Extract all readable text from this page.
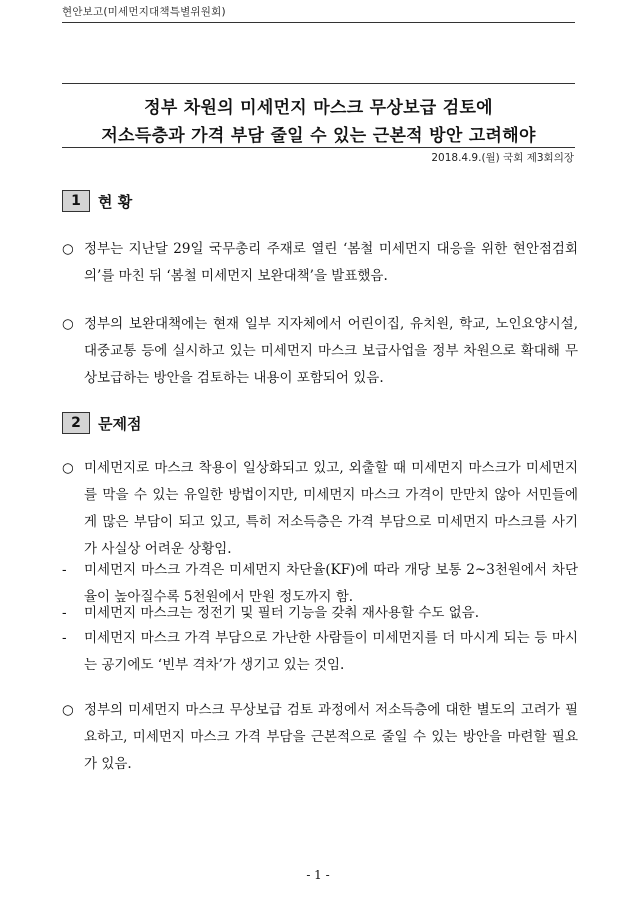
현안보고(미세먼지대책특별위원회)
정부 차원의 미세먼지 마스크 무상보급 검토에
저소득층과 가격 부담 줄일 수 있는 근본적 방안 고려해야
2018.4.9.(월) 국회 제3회의장
1	현 황
○ 정부는 지난달 29일 국무총리 주재로 열린 ‘봄철 미세먼지 대응을 위한 현안점검회의’를 마친 뒤 ‘봄철 미세먼지 보완대책’을 발표했음.
○ 정부의 보완대책에는 현재 일부 지자체에서 어린이집, 유치원, 학교, 노인요양시설, 대중교통 등에 실시하고 있는 미세먼지 마스크 보급사업을 정부 차원으로 확대해 무상보급하는 방안을 검토하는 내용이 포함되어 있음.
2	문제점
○ 미세먼지로 마스크 착용이 일상화되고 있고, 외출할 때 미세먼지 마스크가 미세먼지를 막을 수 있는 유일한 방법이지만, 미세먼지 마스크 가격이 만만치 않아 서민들에게 많은 부담이 되고 있고, 특히 저소득층은 가격 부담으로 미세먼지 마스크를 사기가 사실상 어려운 상황임.
-	미세먼지 마스크 가격은 미세먼지 차단율(KF)에 따라 개당 보통 2~3천원에서 차단율이 높아질수록 5천원에서 만원 정도까지 함.
-	미세먼지 마스크는 정전기 및 필터 기능을 갖춰 재사용할 수도 없음.
-	미세먼지 마스크 가격 부담으로 가난한 사람들이 미세먼지를 더 마시게 되는 등 마시는 공기에도 ‘빈부 격차’가 생기고 있는 것임.
○ 정부의 미세먼지 마스크 무상보급 검토 과정에서 저소득층에 대한 별도의 고려가 필요하고, 미세먼지 마스크 가격 부담을 근본적으로 줄일 수 있는 방안을 마련할 필요가 있음.
- 1 -
